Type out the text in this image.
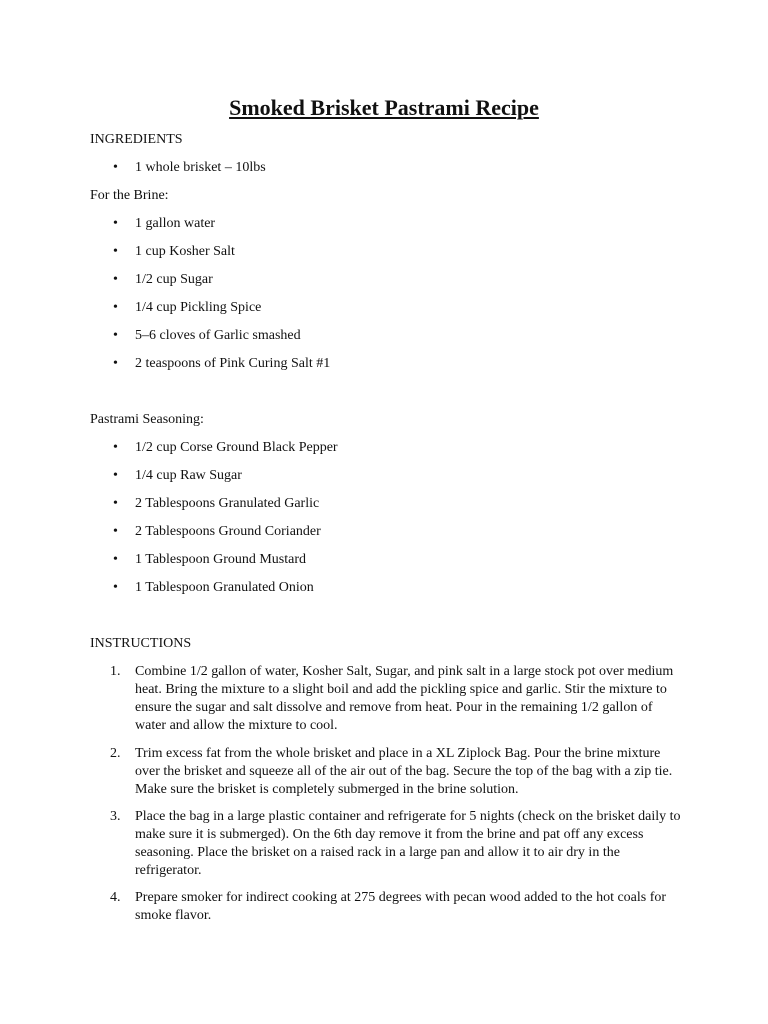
Smoked Brisket Pastrami Recipe

INGREDIENTS

•	1 whole brisket – 10lbs

For the Brine:

•	1 gallon water
•	1 cup Kosher Salt
•	1/2 cup Sugar
•	1/4 cup Pickling Spice
•	5–6 cloves of Garlic smashed
•	2 teaspoons of Pink Curing Salt #1

Pastrami Seasoning:

•	1/2 cup Corse Ground Black Pepper
•	1/4 cup Raw Sugar
•	2 Tablespoons Granulated Garlic
•	2 Tablespoons Ground Coriander
•	1 Tablespoon Ground Mustard
•	1 Tablespoon Granulated Onion

INSTRUCTIONS

1.	Combine 1/2 gallon of water, Kosher Salt, Sugar, and pink salt in a large stock pot over medium
heat. Bring the mixture to a slight boil and add the pickling spice and garlic. Stir the mixture to
ensure the sugar and salt dissolve and remove from heat. Pour in the remaining 1/2 gallon of
water and allow the mixture to cool.
2.	Trim excess fat from the whole brisket and place in a XL Ziplock Bag. Pour the brine mixture
over the brisket and squeeze all of the air out of the bag. Secure the top of the bag with a zip tie.
Make sure the brisket is completely submerged in the brine solution.
3.	Place the bag in a large plastic container and refrigerate for 5 nights (check on the brisket daily to
make sure it is submerged). On the 6th day remove it from the brine and pat off any excess
seasoning. Place the brisket on a raised rack in a large pan and allow it to air dry in the
refrigerator.
4.	Prepare smoker for indirect cooking at 275 degrees with pecan wood added to the hot coals for
smoke flavor.
